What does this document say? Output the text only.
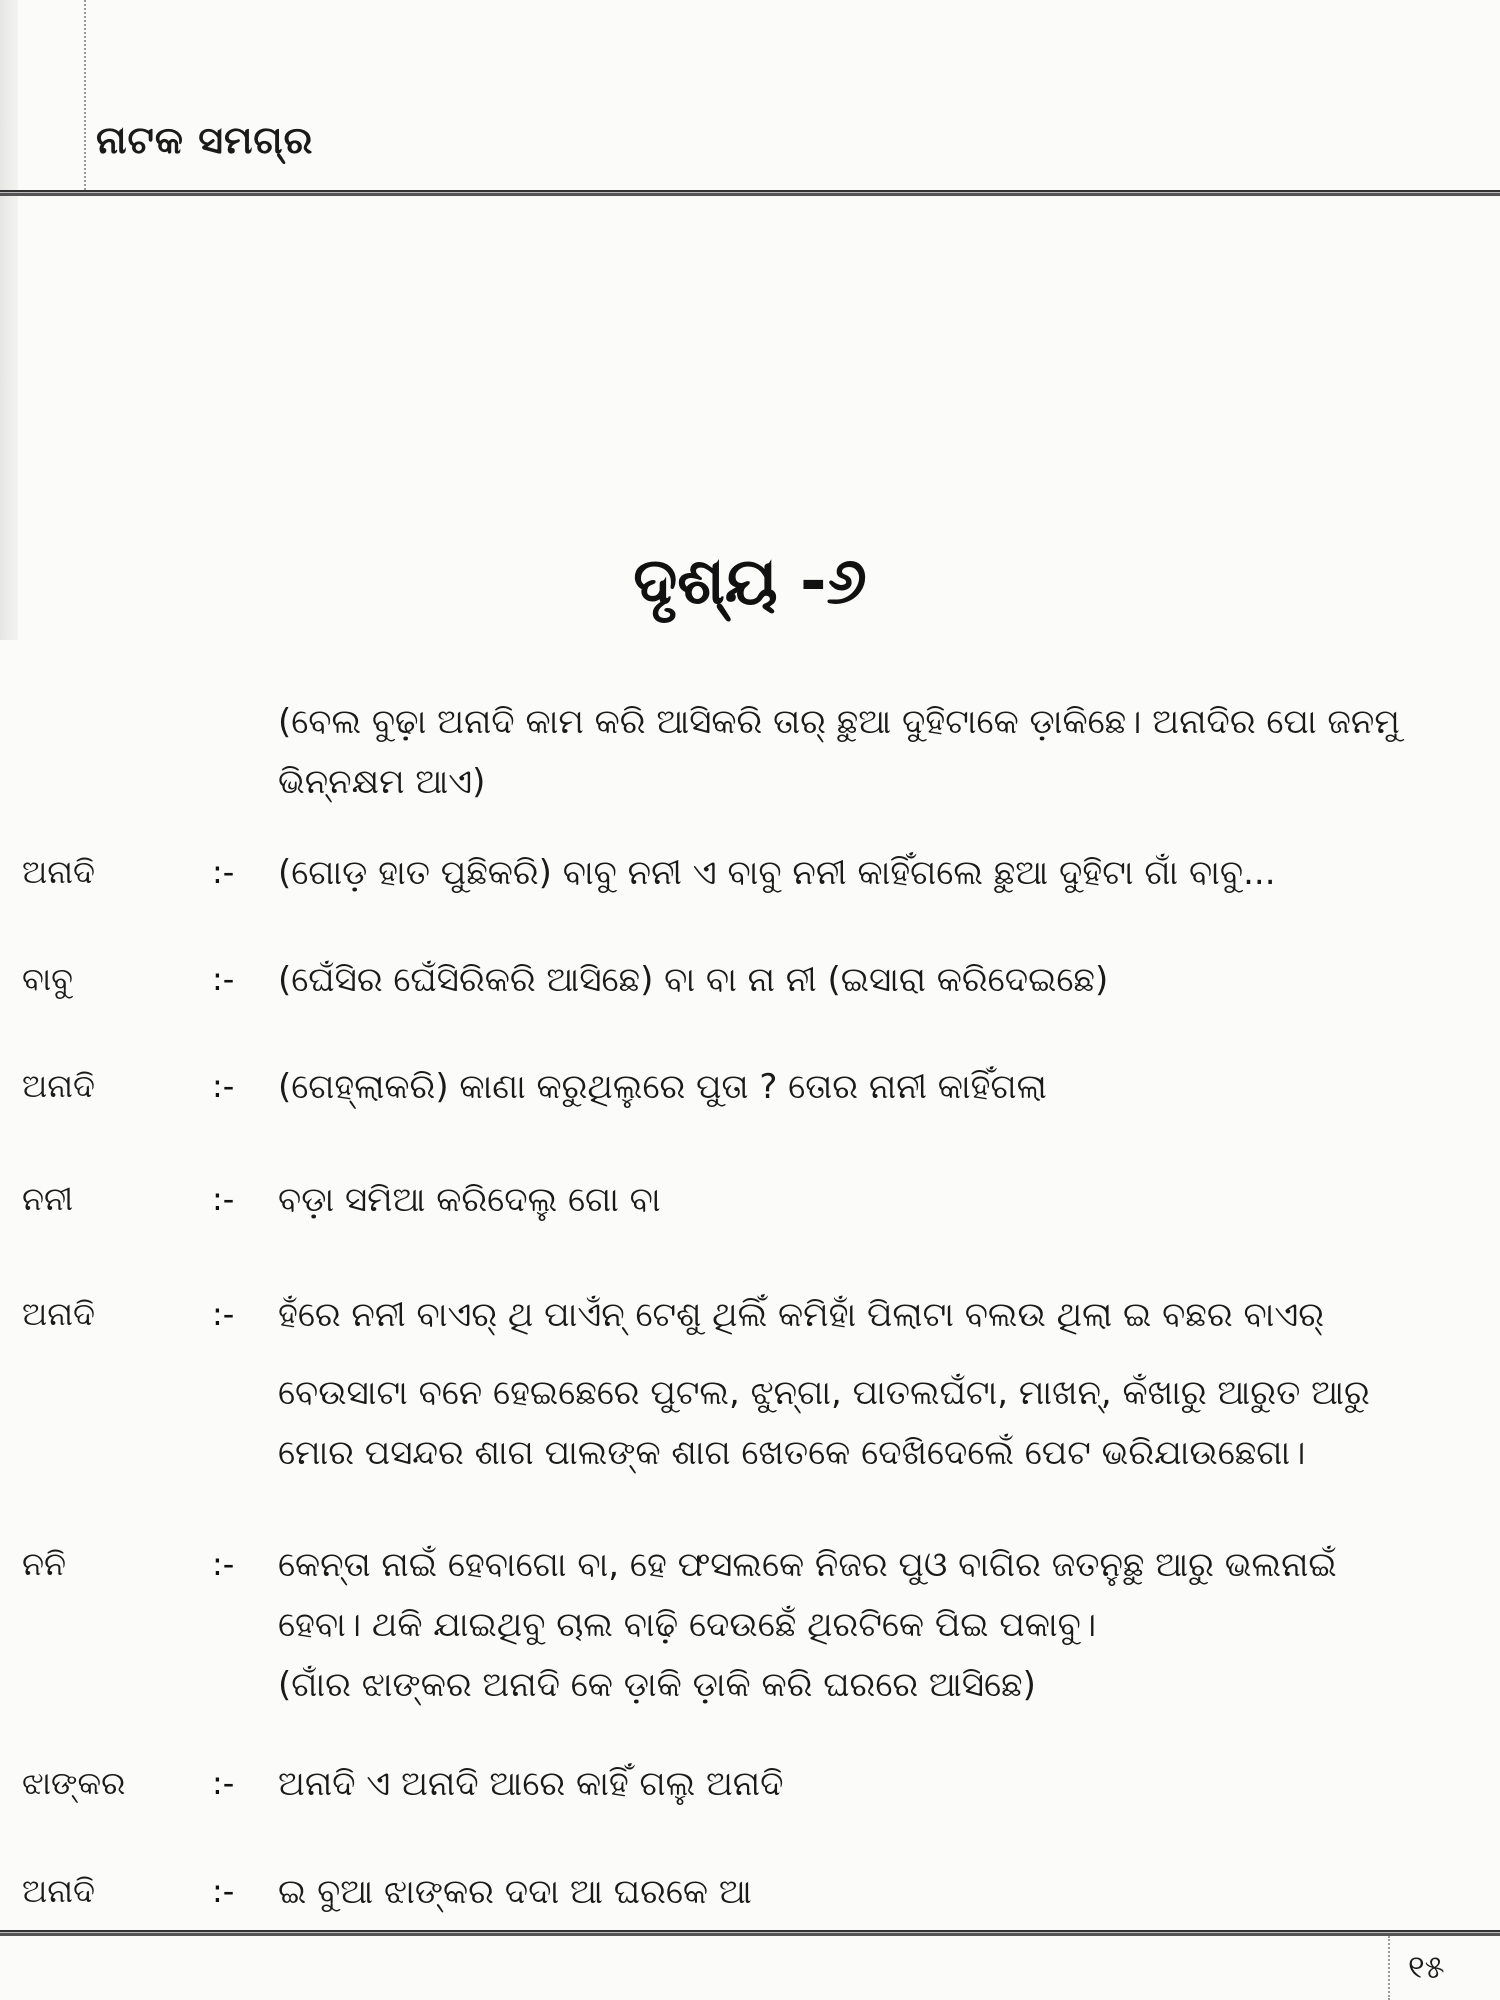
ନାଟକ ସମଗ୍ର
ଦୃଶ୍ୟ -୬
(ବେଲ ବୁଢ଼ା ଅନାଦି କାମ କରି ଆସିକରି ତାର୍ ଛୁଆ ଦୁହିଟାକେ ଡ଼ାକିଛେ। ଅନାଦିର ପୋ ଜନମୁ ଭିନ୍ନକ୍ଷମ ଆଏ)
ଅନାଦି	:- (ଗୋଡ଼ ହାତ ପୁଛିକରି) ବାବୁ ନନୀ ଏ ବାବୁ ନନୀ କାହିଁଗଲେ ଛୁଆ ଦୁହିଟା ଗାଁ ବାବୁ...

ବାବୁ	:- (ଘେଁସିର ଘେଁସିରିକରି ଆସିଛେ) ବା ବା ନା ନୀ (ଇସାରା କରିଦେଇଛେ)

ଅନାଦି	:- (ଗେହ୍ଲାକରି) କାଣା କରୁଥିଲୁରେ ପୁତା ? ତୋର ନାନୀ କାହିଁଗଲା

ନନୀ	:- ବଡ଼ା ସମିଆ କରିଦେଲୁ ଗୋ ବା

ଅନାଦି	:- ହଁରେ ନନୀ ବାଏର୍ ଥି ପାଏଁନ୍ ଟେଶୁ ଥିଲିଁ କମିହାଁ ପିଲାଟା ବଲଉ ଥିଲା ଇ ବଛର ବାଏର୍

ବେଉସାଟା ବନେ ହେଇଛେରେ ପୁଟଲ, ଝୁନ୍‌ଗା, ପାତଲଘଁଟା, ମାଖନ୍, କଁଖାରୁ ଆରୁତ ଆରୁ

ମୋର ପସନ୍ଦର ଶାଗ ପାଲଙ୍କ ଶାଗ ଖେତକେ ଦେଖିଦେଲେଁ ପେଟ ଭରିଯାଉଛେଗା।

ନନି	:- କେନ୍ତା ନାଇଁ ହେବାଗୋ ବା, ହେ ଫସଲକେ ନିଜର ପୁଓ ବାଗିର ଜତନୁଛୁ ଆରୁ ଭଲନାଇଁ

ହେବା। ଥକି ଯାଇଥିବୁ ଚାଲ ବାଢ଼ି ଦେଉଛେଁ ଥିରଟିକେ ପିଇ ପକାବୁ।

(ଗାଁର ଝାଙ୍କର ଅନାଦି କେ ଡ଼ାକି ଡ଼ାକି କରି ଘରରେ ଆସିଛେ)

ଝାଙ୍କର	:- ଅନାଦି ଏ ଅନାଦି ଆରେ କାହିଁ ଗଲୁ ଅନାଦି

ଅନାଦି	:- ଇ ବୁଆ ଝାଙ୍କର ଦଦା ଆ ଘରକେ ଆ

୧୫
